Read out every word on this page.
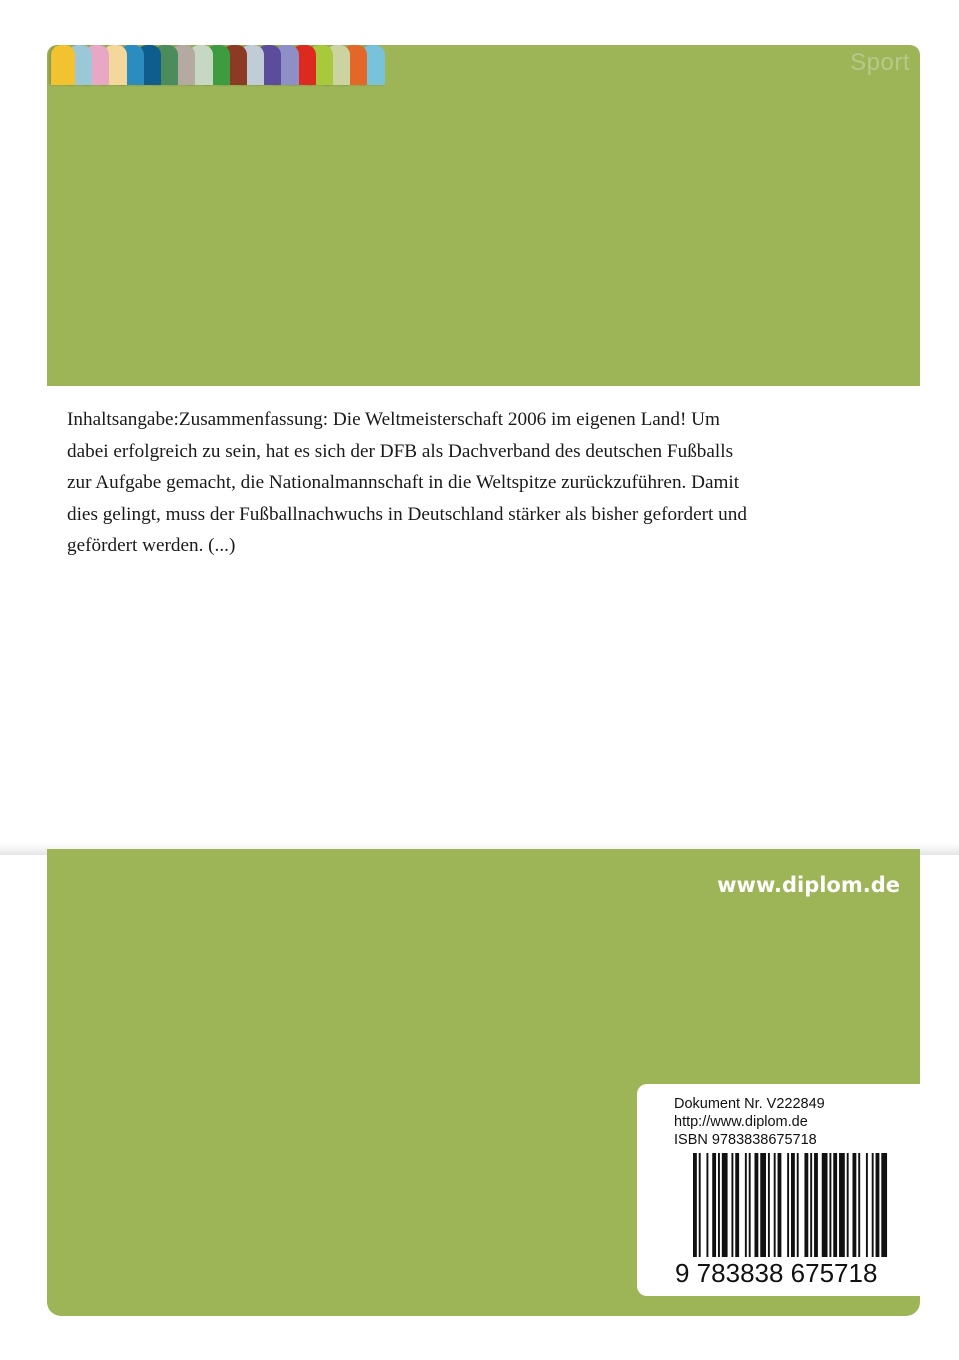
Sport

Inhaltsangabe:Zusammenfassung: Die Weltmeisterschaft 2006 im eigenen Land! Um
dabei erfolgreich zu sein, hat es sich der DFB als Dachverband des deutschen Fußballs
zur Aufgabe gemacht, die Nationalmannschaft in die Weltspitze zurückzuführen. Damit
dies gelingt, muss der Fußballnachwuchs in Deutschland stärker als bisher gefordert und
gefördert werden. (...)

www.diplom.de
Dokument Nr. V222849
http://www.diplom.de
ISBN 9783838675718
9 783838 675718
